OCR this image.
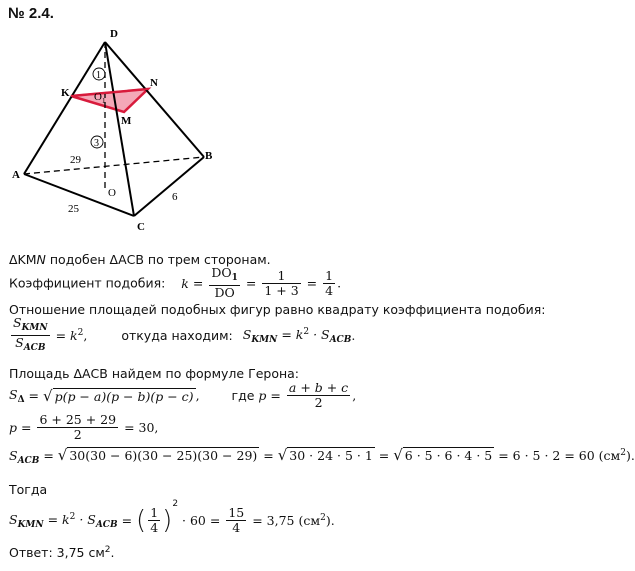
№ 2.4.
D
K
N
$O_1$
M
A
B
C
O
29
25
6
1
3
ΔKMN подобен ΔАСВ по трем сторонам.
Коэффициент подобия: $k = \frac{DO_1}{DO} = \frac{1}{1 + 3} = \frac{1}{4}$ .
Отношение площадей подобных фигур равно квадрату коэффициента подобия:
$\frac{S_{KMN}}{S_{ACB}} = k^2$,	откуда находим: $S_{KMN} = k^2 \cdot S_{ACB}$.
Площадь ΔАСВ найдем по формуле Герона:
$S_\Delta$ = √ p(p − a)(p − b)(p − c) ,	где $p = \frac{a + b + c}{2}$ ,
$p = \frac{6 + 25 + 29}{2} = 30$,
$S_{ACB}$ = √ 30(30 − 6)(30 − 25)(30 − 29) = √ 30 · 24 · 5 · 1 = √ 6 · 5 · 6 · 4 · 5 = 6 · 5 · 2 = 60 $(см^2)$.
Тогда
$S_{KMN} = k^2 \cdot S_{ACB}$ = ( $\frac{1}{4} )^2 \cdot 60 = \frac{15}{4} = 3,75$ $(см^2)$.
Ответ: 3,75 $см^2$.
